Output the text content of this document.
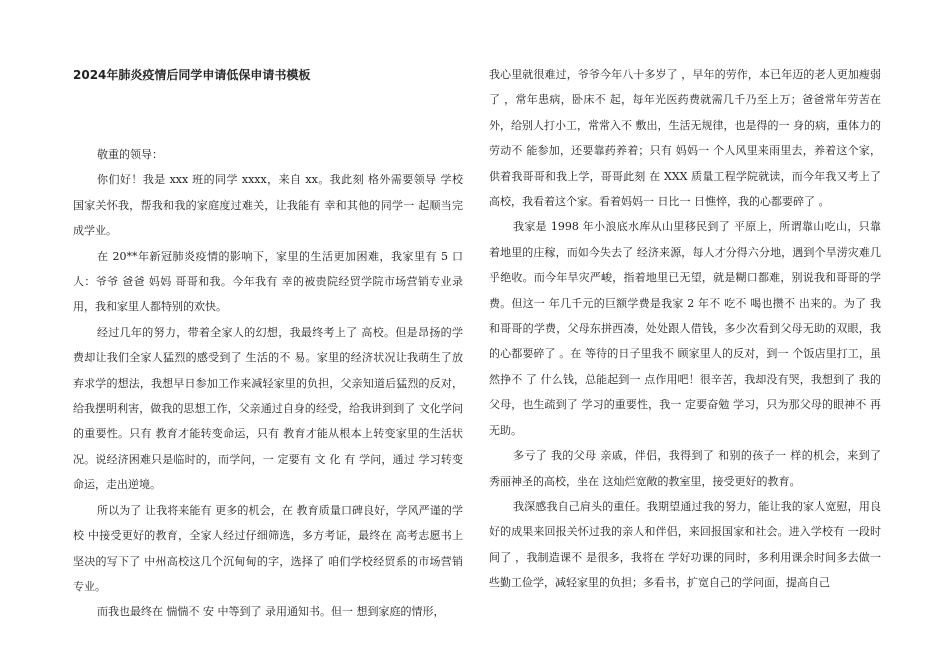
2024年肺炎疫情后同学申请低保申请书模板

敬重的领导：

你们好！我是 xxx 班的同学 xxxx，来自 xx。我此刻 格外需要领导 学校 国家关怀我，帮我和我的家庭度过难关，让我能有 幸和其他的同学一 起顺当完成学业。

在 20**年新冠肺炎疫情的影响下，家里的生活更加困难，我家里有 5 口人：爷爷 爸爸 妈妈 哥哥和我。今年我有 幸的被贵院经贸学院市场营销专业录用，我和家里人都特别的欢快。

经过几年的努力，带着全家人的幻想，我最终考上了 高校。但是昂扬的学费却让我们全家人猛烈的感受到了 生活的不 易。家里的经济状况让我萌生了放弃求学的想法，我想早日参加工作来减轻家里的负担，父亲知道后猛烈的反对，给我摆明利害，做我的思想工作，父亲通过自身的经受，给我讲到到了 文化学问的重要性。只有 教育才能转变命运，只有 教育才能从根本上转变家里的生活状况。说经济困难只是临时的，而学问，一 定要有 文 化 有 学问，通过 学习转变命运，走出逆境。

所以为了 让我将来能有 更多的机会，在 教育质量口碑良好，学风严谨的学校 中接受更好的教育，全家人经过仔细筛选，多方考证，最终在 高考志愿书上坚决的写下了 中州高校这几个沉甸甸的字，选择了 咱们学校经贸系的市场营销专业。

而我也最终在 惴惴不 安 中等到了 录用通知书。但一 想到家庭的情形，

我心里就很难过，爷爷今年八十多岁了 ，早年的劳作，本已年迈的老人更加瘦弱了 ，常年患病，卧床不 起，每年光医药费就需几千乃至上万；爸爸常年劳苦在 外，给别人打小工，常常入不 敷出，生活无规律，也是得的一 身的病，重体力的劳动不 能参加，还要靠药养着；只有 妈妈一 个人风里来雨里去，养着这个家，供着我哥哥和我上学，哥哥此刻 在 XXX 质量工程学院就读，而今年我又考上了 高校，我看着这个家。看着妈妈一 日比一 日憔悴，我的心都要碎了 。

我家是 1998 年小浪底水库从山里移民到了 平原上，所谓靠山吃山，只靠着地里的庄稼，而如今失去了 经济来源，每人才分得六分地，遇到个旱涝灾难几乎绝收。而今年旱灾严峻，指着地里已无望，就是糊口都难，别说我和哥哥的学费。但这一 年几千元的巨额学费是我家 2 年不 吃不 喝也攒不 出来的。为了 我和哥哥的学费，父母东拼西凑，处处跟人借钱，多少次看到父母无助的双眼，我的心都要碎了 。在 等待的日子里我不 顾家里人的反对，到一 个饭店里打工，虽然挣不 了 什么钱，总能起到一 点作用吧！很辛苦，我却没有哭，我想到了 我的父母，也生疏到了 学习的重要性，我一 定要奋勉 学习，只为那父母的眼神不 再无助。

多亏了 我的父母 亲戚，伴侣，我得到了 和别的孩子一 样的机会，来到了 秀丽神圣的高校，坐在 这灿烂宽敞的教室里，接受更好的教育。

我深感我自己肩头的重任。我期望通过我的努力，能让我的家人宽慰，用良好的成果来回报关怀过我的亲人和伴侣，来回报国家和社会。进入学校有 一段时间了 ，我制造课不 是很多，我将在 学好功课的同时，多利用课余时间多去做一 些勤工俭学，减轻家里的负担；多看书，扩宽自己的学问面，提高自己
